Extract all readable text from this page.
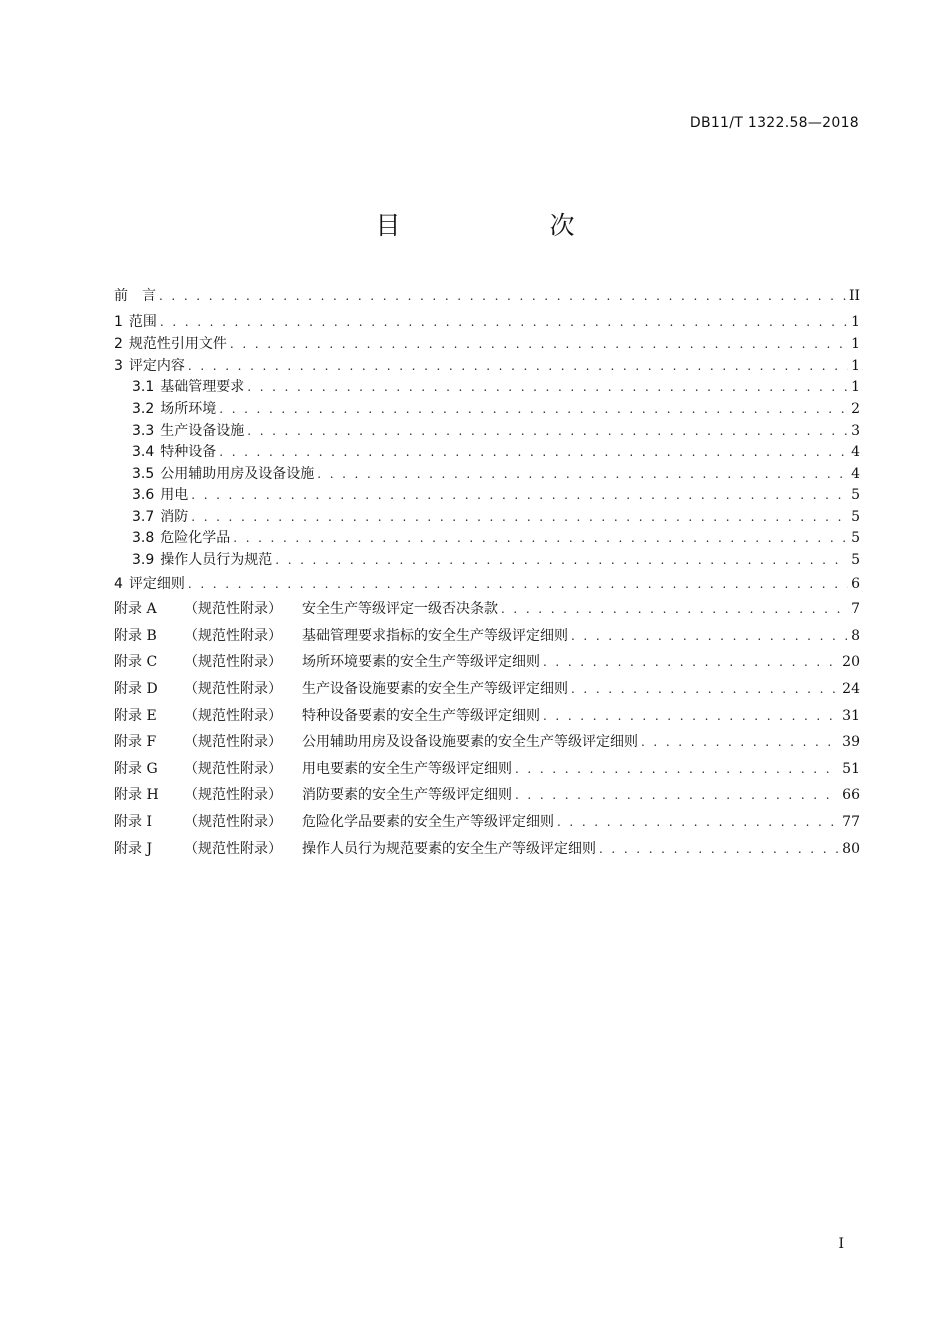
DB11/T 1322.58—2018
目　次
前　言 . . .	II
1 范围 . . .	1
2 规范性引用文件 . . .	1
3 评定内容 . . .	1
3.1 基础管理要求 . . .	1
3.2 场所环境 . . .	2
3.3 生产设备设施 . . .	3
3.4 特种设备 . . .	4
3.5 公用辅助用房及设备设施 . . .	4
3.6 用电 . . .	5
3.7 消防 . . .	5
3.8 危险化学品 . . .	5
3.9 操作人员行为规范 . . .	5
4 评定细则 . . .	6
附录 A	（规范性附录）	安全生产等级评定一级否决条款 . . .	7
附录 B	（规范性附录）	基础管理要求指标的安全生产等级评定细则 . . .	8
附录 C	（规范性附录）	场所环境要素的安全生产等级评定细则 . . .	20
附录 D	（规范性附录）	生产设备设施要素的安全生产等级评定细则 . . .	24
附录 E	（规范性附录）	特种设备要素的安全生产等级评定细则 . . .	31
附录 F	（规范性附录）	公用辅助用房及设备设施要素的安全生产等级评定细则 . . .	39
附录 G	（规范性附录）	用电要素的安全生产等级评定细则 . . .	51
附录 H	（规范性附录）	消防要素的安全生产等级评定细则 . . .	66
附录 I	（规范性附录）	危险化学品要素的安全生产等级评定细则 . . .	77
附录 J	（规范性附录）	操作人员行为规范要素的安全生产等级评定细则 . . .	80
I
